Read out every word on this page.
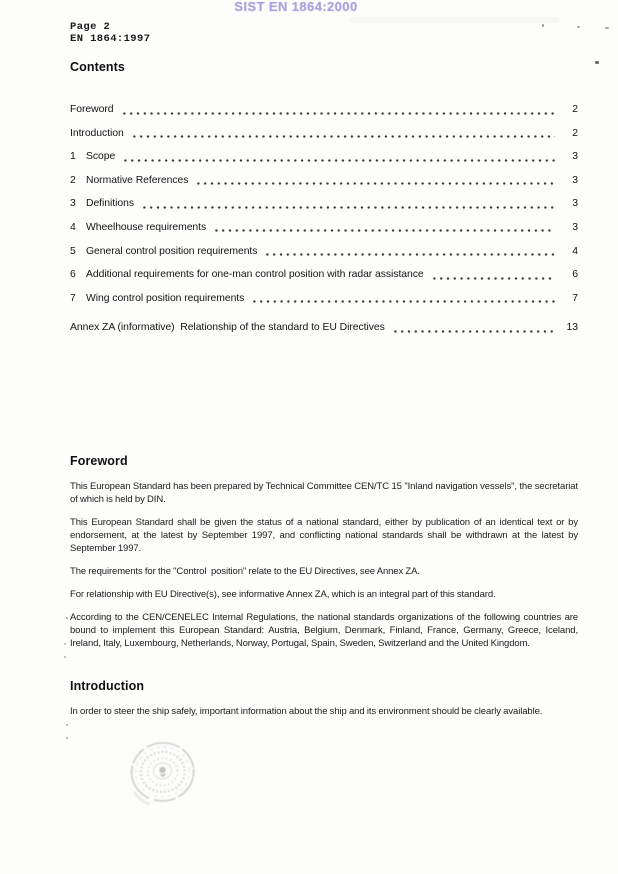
SIST EN 1864:2000
Page 2
EN 1864:1997
Contents
Foreword	2
Introduction	2
1 Scope	3
2 Normative References	3
3 Definitions	3
4 Wheelhouse requirements	3
5 General control position requirements	4
6 Additional requirements for one-man control position with radar assistance	6
7 Wing control position requirements	7
Annex ZA (informative)  Relationship of the standard to EU Directives	13
Foreword

This European Standard has been prepared by Technical Committee CEN/TC 15 "Inland navigation vessels", the secretariat of which is held by DIN.

This European Standard shall be given the status of a national standard, either by publication of an identical text or by endorsement, at the latest by September 1997, and conflicting national standards shall be withdrawn at the latest by September 1997.

The requirements for the "Control  position" relate to the EU Directives, see Annex ZA.

For relationship with EU Directive(s), see informative Annex ZA, which is an integral part of this standard.

According to the CEN/CENELEC Internal Regulations, the national standards organizations of the following countries are bound to implement this European Standard: Austria, Belgium, Denmark, Finland, France, Germany, Greece, Iceland, Ireland, Italy, Luxembourg, Netherlands, Norway, Portugal, Spain, Sweden, Switzerland and the United Kingdom.

Introduction

In order to steer the ship safely, important information about the ship and its environment should be clearly available.
